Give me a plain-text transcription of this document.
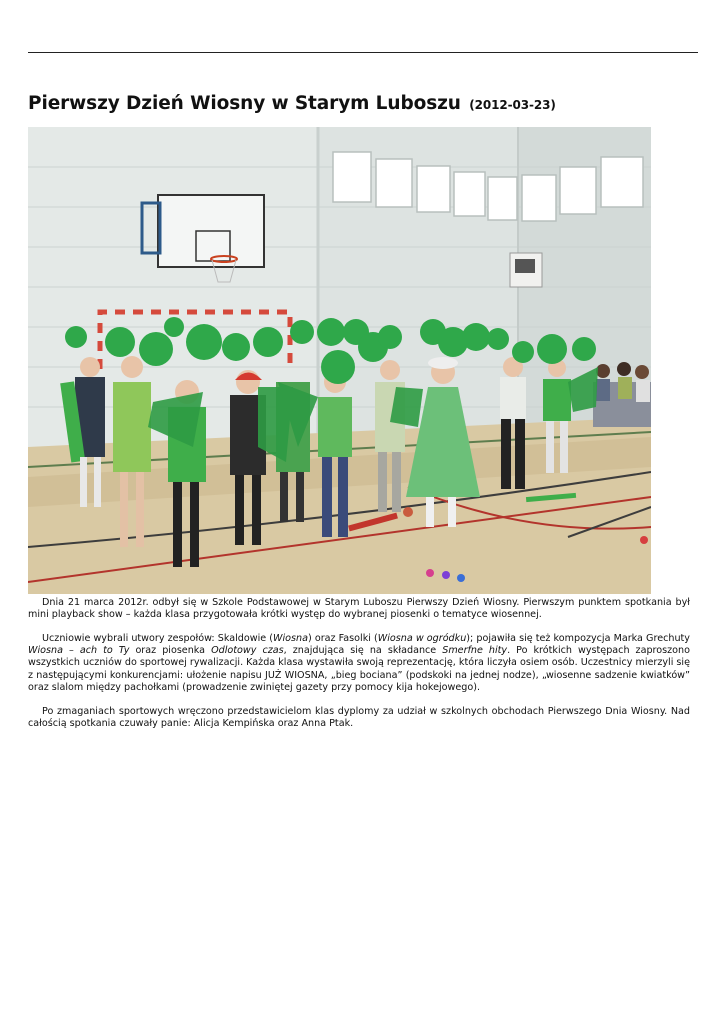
Pierwszy Dzień Wiosny w Starym Luboszu (2012-03-23)

Dnia 21 marca 2012r. odbył się w Szkole Podstawowej w Starym Luboszu Pierwszy Dzień Wiosny. Pierwszym punktem spotkania był mini playback show – każda klasa przygotowała krótki występ do wybranej piosenki o tematyce wiosennej.

Uczniowie wybrali utwory zespołów: Skaldowie (Wiosna) oraz Fasolki (Wiosna w ogródku); pojawiła się też kompozycja Marka Grechuty Wiosna – ach to Ty oraz piosenka Odlotowy czas, znajdująca się na składance Smerfne hity. Po krótkich występach zaproszono wszystkich uczniów do sportowej rywalizacji. Każda klasa wystawiła swoją reprezentację, która liczyła osiem osób. Uczestnicy mierzyli się z następującymi konkurencjami: ułożenie napisu JUŻ WIOSNA, „bieg bociana” (podskoki na jednej nodze), „wiosenne sadzenie kwiatków” oraz slalom między pachołkami (prowadzenie zwiniętej gazety przy pomocy kija hokejowego).

Po zmaganiach sportowych wręczono przedstawicielom klas dyplomy za udział w szkolnych obchodach Pierwszego Dnia Wiosny. Nad całością spotkania czuwały panie: Alicja Kempińska oraz Anna Ptak.
